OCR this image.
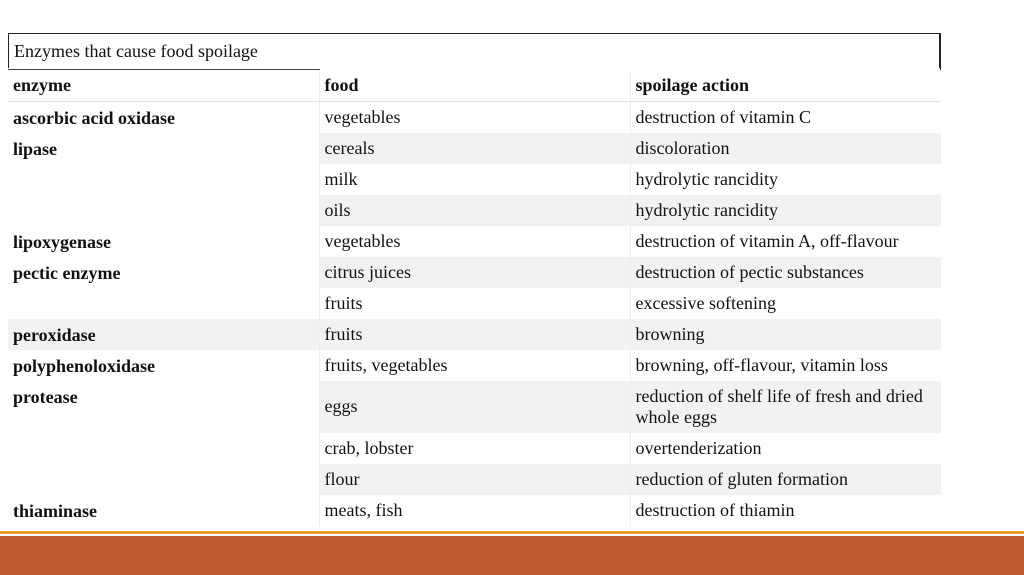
Enzymes that cause food spoilage
enzyme	food	spoilage action
ascorbic acid oxidase	vegetables	destruction of vitamin C
lipase	cereals	discoloration
	milk	hydrolytic rancidity
	oils	hydrolytic rancidity
lipoxygenase	vegetables	destruction of vitamin A, off-flavour
pectic enzyme	citrus juices	destruction of pectic substances
	fruits	excessive softening
peroxidase	fruits	browning
polyphenoloxidase	fruits, vegetables	browning, off-flavour, vitamin loss
protease	eggs	reduction of shelf life of fresh and dried whole eggs
	crab, lobster	overtenderization
	flour	reduction of gluten formation
thiaminase	meats, fish	destruction of thiamin
